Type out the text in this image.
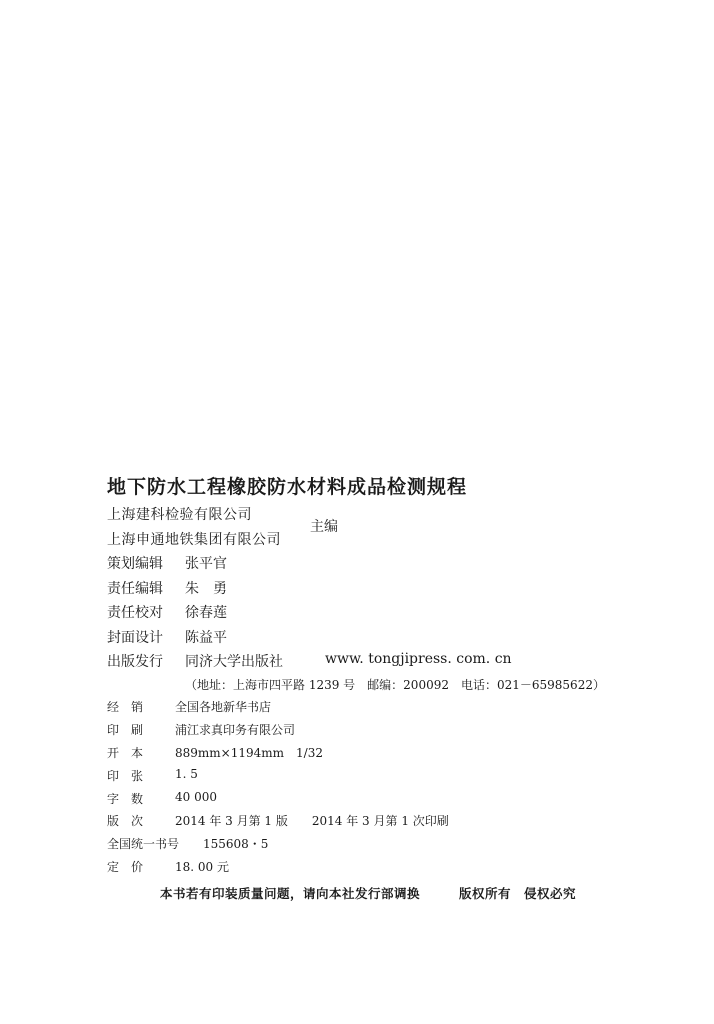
地下防水工程橡胶防水材料成品检测规程
上海建科检验有限公司
上海申通地铁集团有限公司
主编
策划编辑 张平官
责任编辑 朱　勇
责任校对 徐春莲
封面设计 陈益平
出版发行 同济大学出版社	www. tongjipress. com. cn
（地址：上海市四平路 1239 号　邮编：200092　电话：021－65985622）
经　销	全国各地新华书店
印　刷	浦江求真印务有限公司
开　本	889mm×1194mm　1/32
印　张	1. 5
字　数	40 000
版　次	2014 年 3 月第 1 版　　2014 年 3 月第 1 次印刷
全国统一书号 155608・5
定　价	18. 00 元
本书若有印装质量问题，请向本社发行部调换　　　版权所有　侵权必究
